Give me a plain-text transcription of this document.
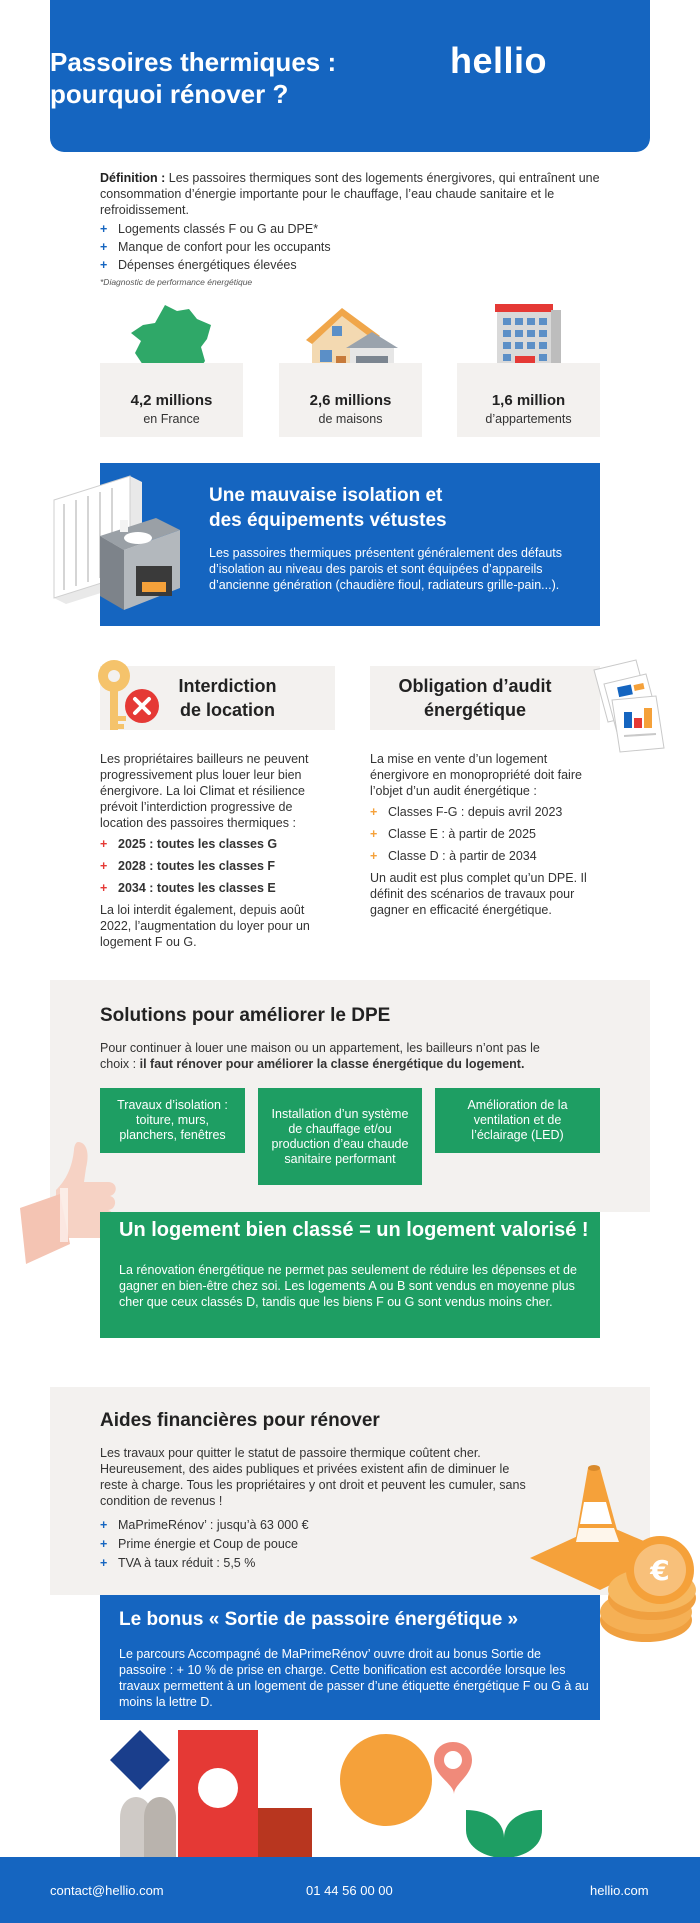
Passoires thermiques :
pourquoi rénover ?
hellio
Définition : Les passoires thermiques sont des logements énergivores, qui entraînent une consommation d’énergie importante pour le chauffage, l’eau chaude sanitaire et le refroidissement.
+ Logements classés F ou G au DPE*
+ Manque de confort pour les occupants
+ Dépenses énergétiques élevées
*Diagnostic de performance énergétique
4,2 millions
en France
2,6 millions
de maisons
1,6 million
d’appartements
Une mauvaise isolation et
des équipements vétustes
Les passoires thermiques présentent généralement des défauts d’isolation au niveau des parois et sont équipées d’appareils d’ancienne génération (chaudière fioul, radiateurs grille-pain...).
Interdiction
de location
Les propriétaires bailleurs ne peuvent progressivement plus louer leur bien énergivore. La loi Climat et résilience prévoit l’interdiction progressive de location des passoires thermiques :
+ 2025 : toutes les classes G
+ 2028 : toutes les classes F
+ 2034 : toutes les classes E
La loi interdit également, depuis août 2022, l’augmentation du loyer pour un logement F ou G.
Obligation d’audit
énergétique
La mise en vente d’un logement énergivore en monopropriété doit faire l’objet d’un audit énergétique :
+ Classes F-G : depuis avril 2023
+ Classe E : à partir de 2025
+ Classe D : à partir de 2034
Un audit est plus complet qu’un DPE. Il définit des scénarios de travaux pour gagner en efficacité énergétique.
Solutions pour améliorer le DPE
Pour continuer à louer une maison ou un appartement, les bailleurs n’ont pas le choix : il faut rénover pour améliorer la classe énergétique du logement.
Travaux d’isolation : toiture, murs, planchers, fenêtres
Installation d’un système de chauffage et/ou production d’eau chaude sanitaire performant
Amélioration de la ventilation et de l’éclairage (LED)
Un logement bien classé = un logement valorisé !
La rénovation énergétique ne permet pas seulement de réduire les dépenses et de gagner en bien-être chez soi. Les logements A ou B sont vendus en moyenne plus cher que ceux classés D, tandis que les biens F ou G sont vendus moins cher.
Aides financières pour rénover
Les travaux pour quitter le statut de passoire thermique coûtent cher. Heureusement, des aides publiques et privées existent afin de diminuer le reste à charge. Tous les propriétaires y ont droit et peuvent les cumuler, sans condition de revenus !
+ MaPrimeRénov’ : jusqu’à 63 000 €
+ Prime énergie et Coup de pouce
+ TVA à taux réduit : 5,5 %	€
Le bonus « Sortie de passoire énergétique »
Le parcours Accompagné de MaPrimeRénov’ ouvre droit au bonus Sortie de passoire : + 10 % de prise en charge. Cette bonification est accordée lorsque les travaux permettent à un logement de passer d’une étiquette énergétique F ou G à au moins la lettre D.
contact@hellio.com	01 44 56 00 00	hellio.com
